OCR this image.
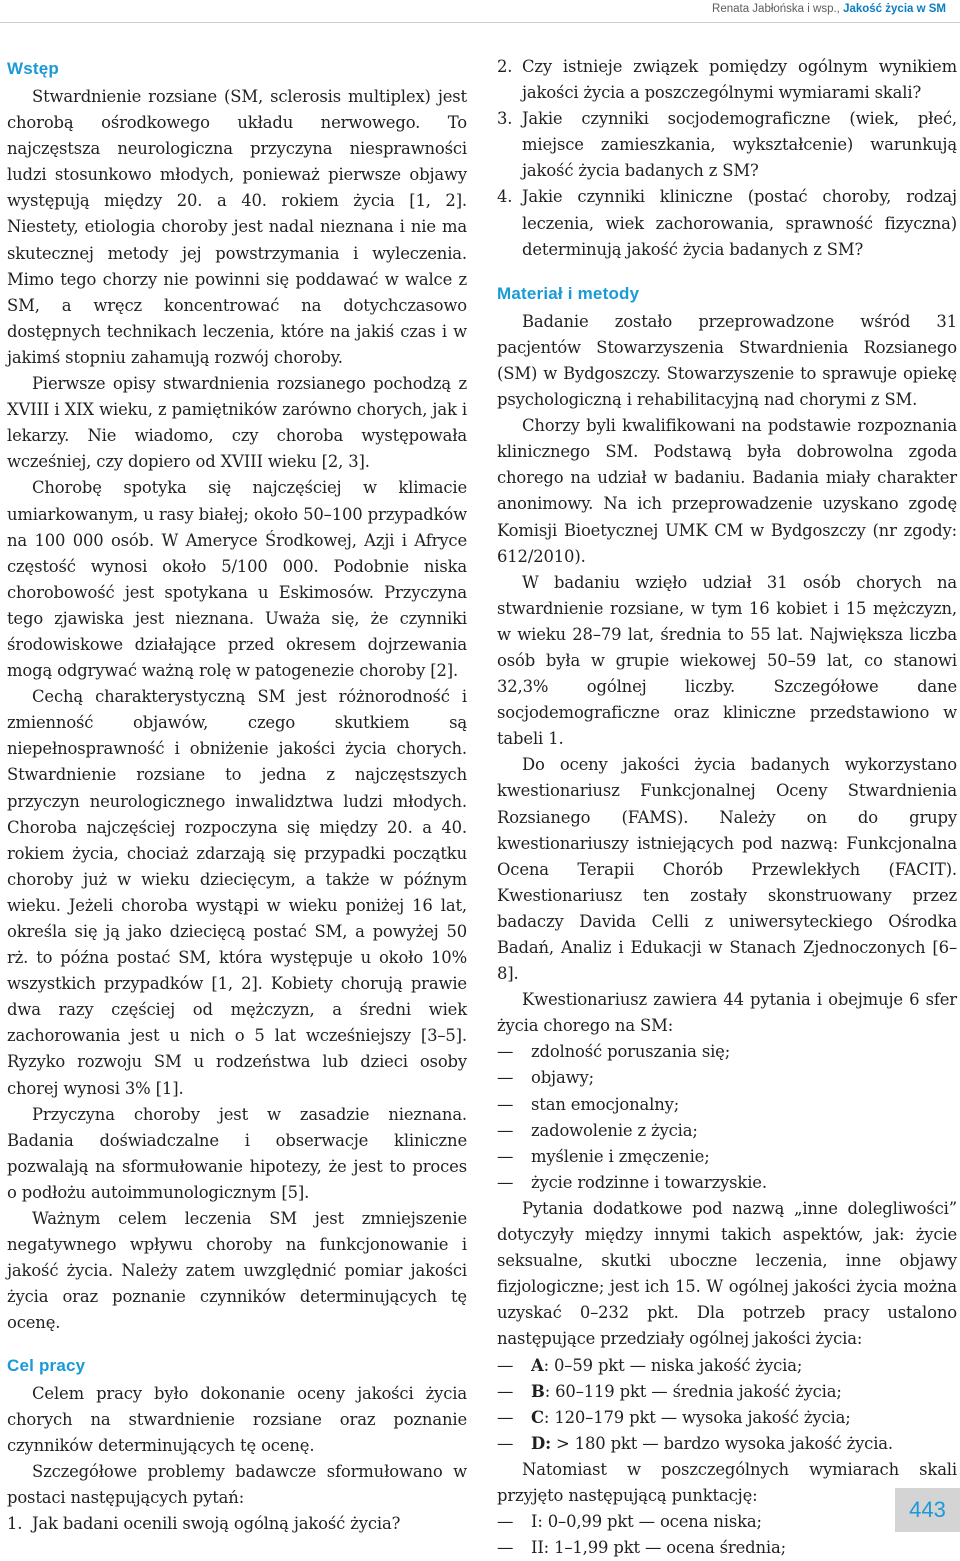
Renata Jabłońska i wsp., Jakość życia w SM
Wstęp

Stwardnienie rozsiane (SM, sclerosis multiplex) jest chorobą ośrodkowego układu nerwowego. To najczęstsza neurologiczna przyczyna niesprawności ludzi stosunkowo młodych, ponieważ pierwsze objawy występują między 20. a 40. rokiem życia [1, 2]. Niestety, etiologia choroby jest nadal nieznana i nie ma skutecznej metody jej powstrzymania i wyleczenia. Mimo tego chorzy nie powinni się poddawać w walce z SM, a wręcz koncentrować na dotychczasowo dostępnych technikach leczenia, które na jakiś czas i w jakimś stopniu zahamują rozwój choroby.

Pierwsze opisy stwardnienia rozsianego pochodzą z XVIII i XIX wieku, z pamiętników zarówno chorych, jak i lekarzy. Nie wiadomo, czy choroba występowała wcześniej, czy dopiero od XVIII wieku [2, 3].

Chorobę spotyka się najczęściej w klimacie umiarkowanym, u rasy białej; około 50–100 przypadków na 100 000 osób. W Ameryce Środkowej, Azji i Afryce częstość wynosi około 5/100 000. Podobnie niska chorobowość jest spotykana u Eskimosów. Przyczyna tego zjawiska jest nieznana. Uważa się, że czynniki środowiskowe działające przed okresem dojrzewania mogą odgrywać ważną rolę w patogenezie choroby [2].

Cechą charakterystyczną SM jest różnorodność i zmienność objawów, czego skutkiem są niepełnosprawność i obniżenie jakości życia chorych. Stwardnienie rozsiane to jedna z najczęstszych przyczyn neurologicznego inwalidztwa ludzi młodych. Choroba najczęściej rozpoczyna się między 20. a 40. rokiem życia, chociaż zdarzają się przypadki początku choroby już w wieku dziecięcym, a także w późnym wieku. Jeżeli choroba wystąpi w wieku poniżej 16 lat, określa się ją jako dziecięcą postać SM, a powyżej 50 rż. to późna postać SM, która występuje u około 10% wszystkich przypadków [1, 2]. Kobiety chorują prawie dwa razy częściej od mężczyzn, a średni wiek zachorowania jest u nich o 5 lat wcześniejszy [3–5]. Ryzyko rozwoju SM u rodzeństwa lub dzieci osoby chorej wynosi 3% [1].

Przyczyna choroby jest w zasadzie nieznana. Badania doświadczalne i obserwacje kliniczne pozwalają na sformułowanie hipotezy, że jest to proces o podłożu autoimmunologicznym [5].

Ważnym celem leczenia SM jest zmniejszenie negatywnego wpływu choroby na funkcjonowanie i jakość życia. Należy zatem uwzględnić pomiar jakości życia oraz poznanie czynników determinujących tę ocenę.

Cel pracy

Celem pracy było dokonanie oceny jakości życia chorych na stwardnienie rozsiane oraz poznanie czynników determinujących tę ocenę.

Szczegółowe problemy badawcze sformułowano w postaci następujących pytań:

1. Jak badani ocenili swoją ogólną jakość życia?
2. Czy istnieje związek pomiędzy ogólnym wynikiem jakości życia a poszczególnymi wymiarami skali?
3. Jakie czynniki socjodemograficzne (wiek, płeć, miejsce zamieszkania, wykształcenie) warunkują jakość życia badanych z SM?
4. Jakie czynniki kliniczne (postać choroby, rodzaj leczenia, wiek zachorowania, sprawność fizyczna) determinują jakość życia badanych z SM?
Materiał i metody

Badanie zostało przeprowadzone wśród 31 pacjentów Stowarzyszenia Stwardnienia Rozsianego (SM) w Bydgoszczy. Stowarzyszenie to sprawuje opiekę psychologiczną i rehabilitacyjną nad chorymi z SM.

Chorzy byli kwalifikowani na podstawie rozpoznania klinicznego SM. Podstawą była dobrowolna zgoda chorego na udział w badaniu. Badania miały charakter anonimowy. Na ich przeprowadzenie uzyskano zgodę Komisji Bioetycznej UMK CM w Bydgoszczy (nr zgody: 612/2010).

W badaniu wzięło udział 31 osób chorych na stwardnienie rozsiane, w tym 16 kobiet i 15 mężczyzn, w wieku 28–79 lat, średnia to 55 lat. Największa liczba osób była w grupie wiekowej 50–59 lat, co stanowi 32,3% ogólnej liczby. Szczegółowe dane socjodemograficzne oraz kliniczne przedstawiono w tabeli 1.

Do oceny jakości życia badanych wykorzystano kwestionariusz Funkcjonalnej Oceny Stwardnienia Rozsianego (FAMS). Należy on do grupy kwestionariuszy istniejących pod nazwą: Funkcjonalna Ocena Terapii Chorób Przewlekłych (FACIT). Kwestionariusz ten zostały skonstruowany przez badaczy Davida Celli z uniwersyteckiego Ośrodka Badań, Analiz i Edukacji w Stanach Zjednoczonych [6–8].

Kwestionariusz zawiera 44 pytania i obejmuje 6 sfer życia chorego na SM:

— zdolność poruszania się;
— objawy;
— stan emocjonalny;
— zadowolenie z życia;
— myślenie i zmęczenie;
— życie rodzinne i towarzyskie.

Pytania dodatkowe pod nazwą „inne dolegliwości” dotyczyły między innymi takich aspektów, jak: życie seksualne, skutki uboczne leczenia, inne objawy fizjologiczne; jest ich 15. W ogólnej jakości życia można uzyskać 0–232 pkt. Dla potrzeb pracy ustalono następujące przedziały ogólnej jakości życia:

— A: 0–59 pkt — niska jakość życia;
— B: 60–119 pkt — średnia jakość życia;
— C: 120–179 pkt — wysoka jakość życia;
— D: > 180 pkt — bardzo wysoka jakość życia.

Natomiast w poszczególnych wymiarach skali przyjęto następującą punktację:

— I: 0–0,99 pkt — ocena niska;
— II: 1–1,99 pkt — ocena średnia;
443
